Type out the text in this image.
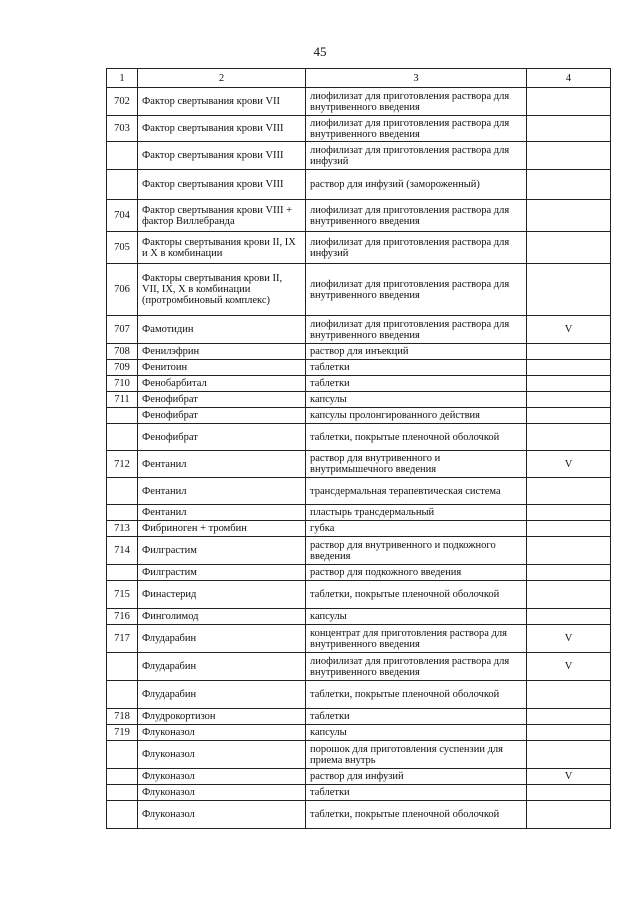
45
1	2	3	4
702	Фактор свертывания крови VII	лиофилизат для приготовления раствора для внутривенного введения	
703	Фактор свертывания крови VIII	лиофилизат для приготовления раствора для внутривенного введения	
	Фактор свертывания крови VIII	лиофилизат для приготовления раствора для инфузий	
	Фактор свертывания крови VIII	раствор для инфузий (замороженный)	
704	Фактор свертывания крови VIII + фактор Виллебранда	лиофилизат для приготовления раствора для внутривенного введения	
705	Факторы свертывания крови II, IX и X в комбинации	лиофилизат для приготовления раствора для инфузий	
706	Факторы свертывания крови II, VII, IX, X в комбинации (протромбиновый комплекс)	лиофилизат для приготовления раствора для внутривенного введения	
707	Фамотидин	лиофилизат для приготовления раствора для внутривенного введения	V
708	Фенилэфрин	раствор для инъекций	
709	Фенитоин	таблетки	
710	Фенобарбитал	таблетки	
711	Фенофибрат	капсулы	
	Фенофибрат	капсулы пролонгированного действия	
	Фенофибрат	таблетки, покрытые пленочной оболочкой	
712	Фентанил	раствор для внутривенного и внутримышечного введения	V
	Фентанил	трансдермальная терапевтическая система	
	Фентанил	пластырь трансдермальный	
713	Фибриноген + тромбин	губка	
714	Филграстим	раствор для внутривенного и подкожного введения	
	Филграстим	раствор для подкожного введения	
715	Финастерид	таблетки, покрытые пленочной оболочкой	
716	Финголимод	капсулы	
717	Флударабин	концентрат для приготовления раствора для внутривенного введения	V
	Флударабин	лиофилизат для приготовления раствора для внутривенного введения	V
	Флударабин	таблетки, покрытые пленочной оболочкой	
718	Флудрокортизон	таблетки	
719	Флуконазол	капсулы	
	Флуконазол	порошок для приготовления суспензии для приема внутрь	
	Флуконазол	раствор для инфузий	V
	Флуконазол	таблетки	
	Флуконазол	таблетки, покрытые пленочной оболочкой	
